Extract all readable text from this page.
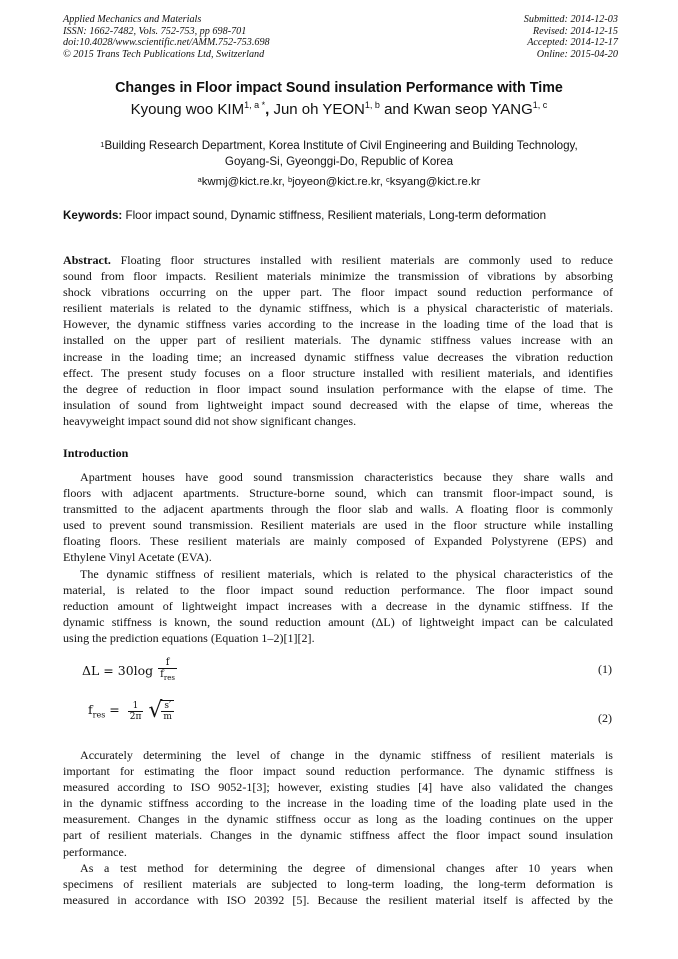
Applied Mechanics and Materials
ISSN: 1662-7482, Vols. 752-753, pp 698-701
doi:10.4028/www.scientific.net/AMM.752-753.698
© 2015 Trans Tech Publications Ltd, Switzerland
Submitted: 2014-12-03
Revised: 2014-12-15
Accepted: 2014-12-17
Online: 2015-04-20
Changes in Floor impact Sound insulation Performance with Time
Kyoung woo $KIM^{1, a *}$, Jun oh YEON$^{1, b}$ and Kwan seop YANG$^{1, c}$
$^1$Building Research Department, Korea Institute of Civil Engineering and Building Technology,
Goyang-Si, Gyeonggi-Do, Republic of Korea
$^a$kwmj@kict.re.kr, $^b$joyeon@kict.re.kr, $^c$ksyang@kict.re.kr
Keywords: Floor impact sound, Dynamic stiffness, Resilient materials, Long-term deformation
Abstract. Floating floor structures installed with resilient materials are commonly used to reduce
sound from floor impacts. Resilient materials minimize the transmission of vibrations by absorbing
shock vibrations occurring on the upper part. The floor impact sound reduction performance of
resilient materials is related to the dynamic stiffness, which is a physical characteristic of materials.
However, the dynamic stiffness varies according to the increase in the loading time of the load that is
installed on the upper part of resilient materials. The dynamic stiffness values increase with an
increase in the loading time; an increased dynamic stiffness value decreases the vibration reduction
effect. The present study focuses on a floor structure installed with resilient materials, and identifies
the degree of reduction in floor impact sound insulation performance with the elapse of time. The
insulation of sound from lightweight impact sound decreased with the elapse of time, whereas the
heavyweight impact sound did not show significant changes.
Introduction
Apartment houses have good sound transmission characteristics because they share walls and
floors with adjacent apartments. Structure-borne sound, which can transmit floor-impact sound, is
transmitted to the adjacent apartments through the floor slab and walls. A floating floor is commonly
used to prevent sound transmission. Resilient materials are used in the floor structure while installing
floating floors. These resilient materials are mainly composed of Expanded Polystyrene (EPS) and
Ethylene Vinyl Acetate (EVA).
The dynamic stiffness of resilient materials, which is related to the physical characteristics of the
material, is related to the floor impact sound reduction performance. The floor impact sound
reduction amount of lightweight impact increases with a decrease in the dynamic stiffness. If the
dynamic stiffness is known, the sound reduction amount (ΔL) of lightweight impact can be calculated
using the prediction equations (Equation 1–2)[1][2].
ΔL = 30log
f
$f_{res}$
(1)
$f_{res} = \frac{1}{2\pi}$ √ $\frac{s'}{m}$	(2)
Accurately determining the level of change in the dynamic stiffness of resilient materials is
important for estimating the floor impact sound reduction performance. The dynamic stiffness is
measured according to ISO 9052-1[3]; however, existing studies [4] have also validated the changes
in the dynamic stiffness according to the increase in the loading time of the loading plate used in the
measurement. Changes in the dynamic stiffness occur as long as the loading continues on the upper
part of resilient materials. Changes in the dynamic stiffness affect the floor impact sound insulation
performance.
As a test method for determining the degree of dimensional changes after 10 years when
specimens of resilient materials are subjected to long-term loading, the long-term deformation is
measured in accordance with ISO 20392 [5]. Because the resilient material itself is affected by the
